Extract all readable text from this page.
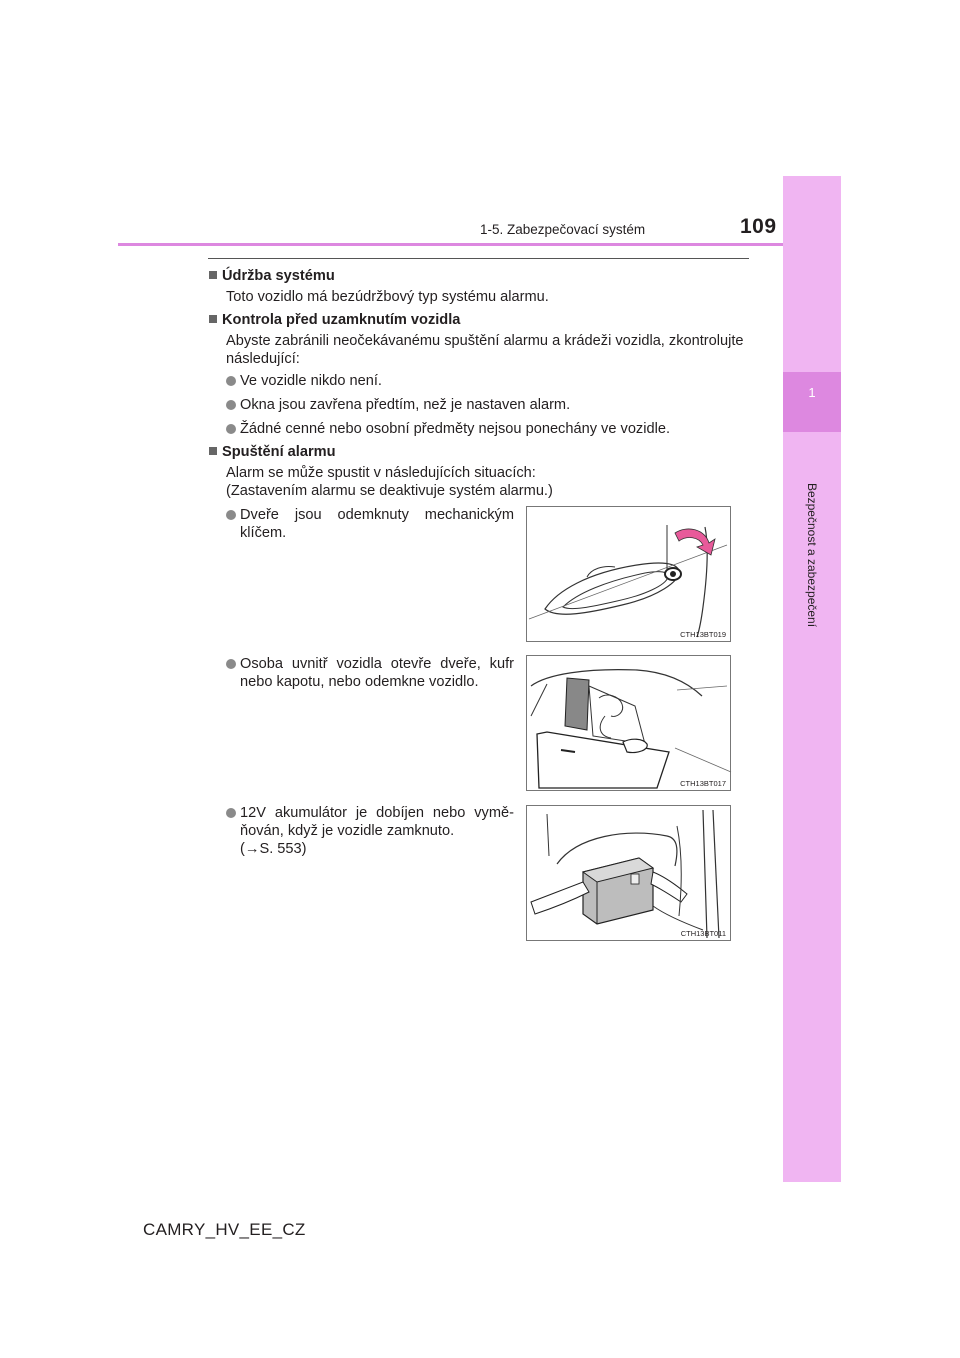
1
Bezpečnost a zabezpečení
1-5. Zabezpečovací systém	109
Údržba systému
Toto vozidlo má bezúdržbový typ systému alarmu.
Kontrola před uzamknutím vozidla
Abyste zabránili neočekávanému spuštění alarmu a krádeži vozidla, zkontrolujte
následující:
Ve vozidle nikdo není.
Okna jsou zavřena předtím, než je nastaven alarm.
Žádné cenné nebo osobní předměty nejsou ponechány ve vozidle.
Spuštění alarmu
Alarm se může spustit v následujících situacích:
(Zastavením alarmu se deaktivuje systém alarmu.)
Dveře jsou odemknuty mechanickým
klíčem.
CTH13BT019
Osoba uvnitř vozidla otevře dveře, kufr
nebo kapotu, nebo odemkne vozidlo.
CTH13BT017
12V akumulátor je dobíjen nebo vymě-
ňován, když je vozidle zamknuto.
(→S. 553)
CTH13BT011
CAMRY_HV_EE_CZ
